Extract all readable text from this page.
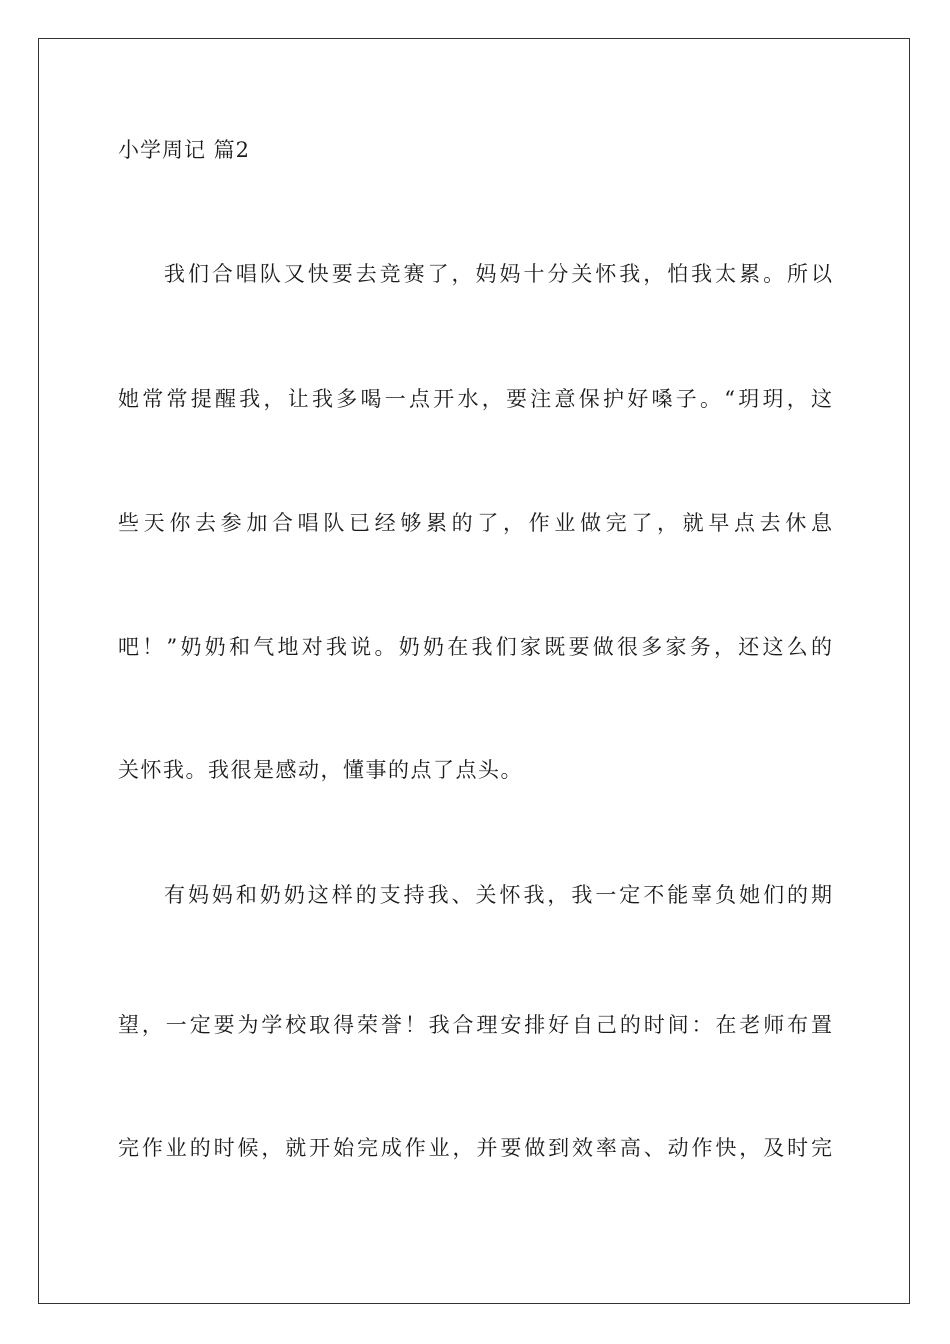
小学周记 篇2
我们合唱队又快要去竞赛了，妈妈十分关怀我，怕我太累。所以
她常常提醒我，让我多喝一点开水，要注意保护好嗓子。“玥玥，这
些天你去参加合唱队已经够累的了，作业做完了，就早点去休息
吧！”奶奶和气地对我说。奶奶在我们家既要做很多家务，还这么的
关怀我。我很是感动，懂事的点了点头。
有妈妈和奶奶这样的支持我、关怀我，我一定不能辜负她们的期
望，一定要为学校取得荣誉！我合理安排好自己的时间：在老师布置
完作业的时候，就开始完成作业，并要做到效率高、动作快，及时完
